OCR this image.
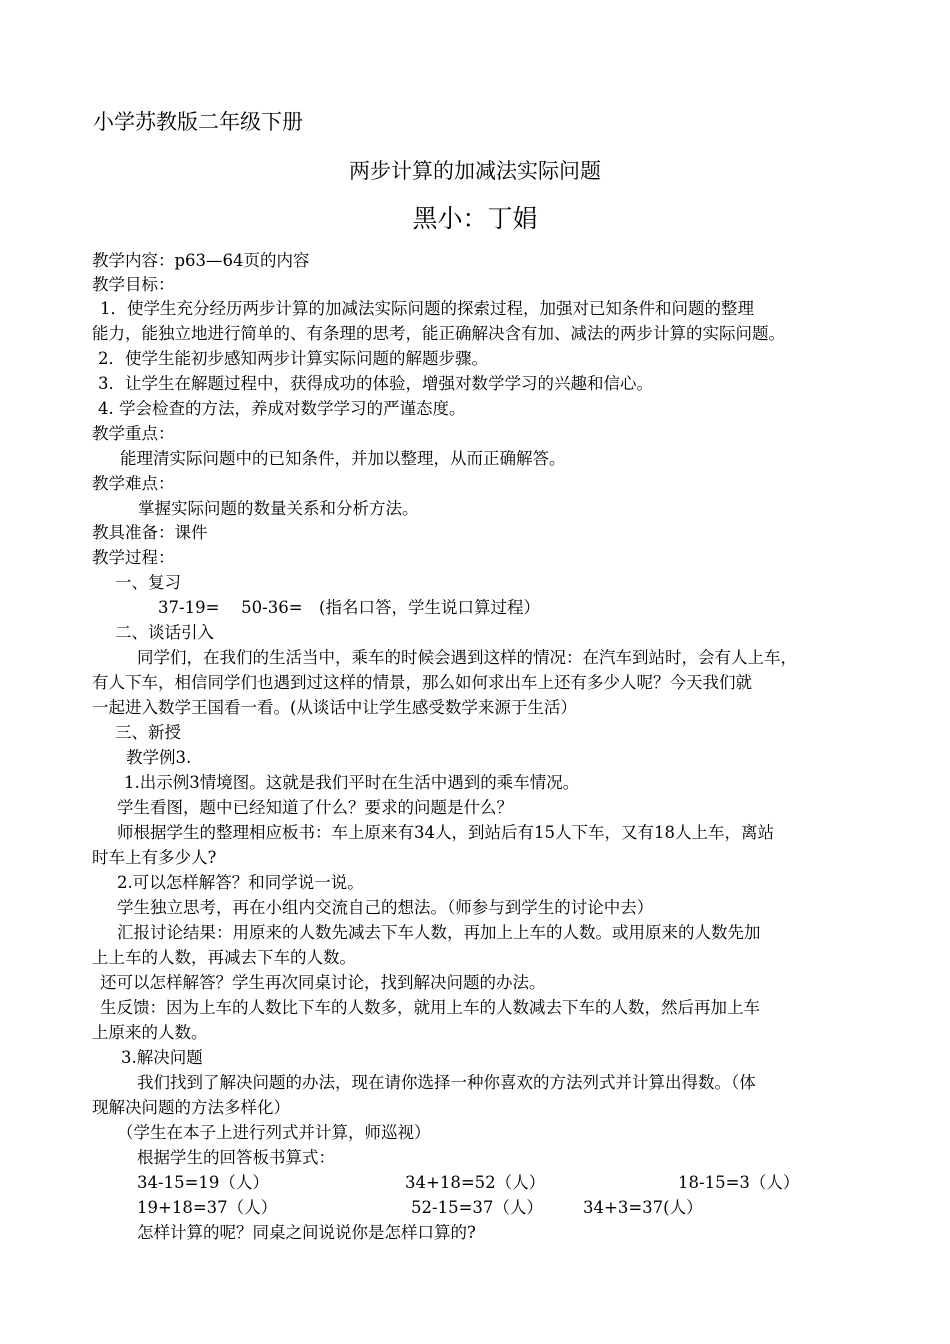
小学苏教版二年级下册
两步计算的加减法实际问题
黑小：丁娟
教学内容：p63—64页的内容
教学目标：
1．使学生充分经历两步计算的加减法实际问题的探索过程，加强对已知条件和问题的整理
能力，能独立地进行简单的、有条理的思考，能正确解决含有加、减法的两步计算的实际问题。
2．使学生能初步感知两步计算实际问题的解题步骤。
3．让学生在解题过程中，获得成功的体验，增强对数学学习的兴趣和信心。
4. 学会检查的方法，养成对数学学习的严谨态度。
教学重点：
能理清实际问题中的已知条件，并加以整理，从而正确解答。
教学难点：
掌握实际问题的数量关系和分析方法。
教具准备：课件
教学过程：
一、复习
37-19=　 50-36=　(指名口答，学生说口算过程）
二、谈话引入
同学们，在我们的生活当中，乘车的时候会遇到这样的情况：在汽车到站时，会有人上车，
有人下车，相信同学们也遇到过这样的情景，那么如何求出车上还有多少人呢？今天我们就
一起进入数学王国看一看。(从谈话中让学生感受数学来源于生活）
三、新授
教学例3.
1.出示例3情境图。这就是我们平时在生活中遇到的乘车情况。
学生看图，题中已经知道了什么？要求的问题是什么？
师根据学生的整理相应板书：车上原来有34人，到站后有15人下车，又有18人上车，离站
时车上有多少人?
2.可以怎样解答？和同学说一说。
学生独立思考，再在小组内交流自己的想法。（师参与到学生的讨论中去）
汇报讨论结果：用原来的人数先减去下车人数，再加上上车的人数。或用原来的人数先加
上上车的人数，再减去下车的人数。
还可以怎样解答？学生再次同桌讨论，找到解决问题的办法。
生反馈：因为上车的人数比下车的人数多，就用上车的人数减去下车的人数，然后再加上车
上原来的人数。
3.解决问题
我们找到了解决问题的办法，现在请你选择一种你喜欢的方法列式并计算出得数。（体
现解决问题的方法多样化）
（学生在本子上进行列式并计算，师巡视）
根据学生的回答板书算式：
34-15=19（人）	34+18=52（人）	18-15=3（人）
19+18=37（人）	52-15=37（人）	34+3=37(人）
怎样计算的呢？同桌之间说说你是怎样口算的?
